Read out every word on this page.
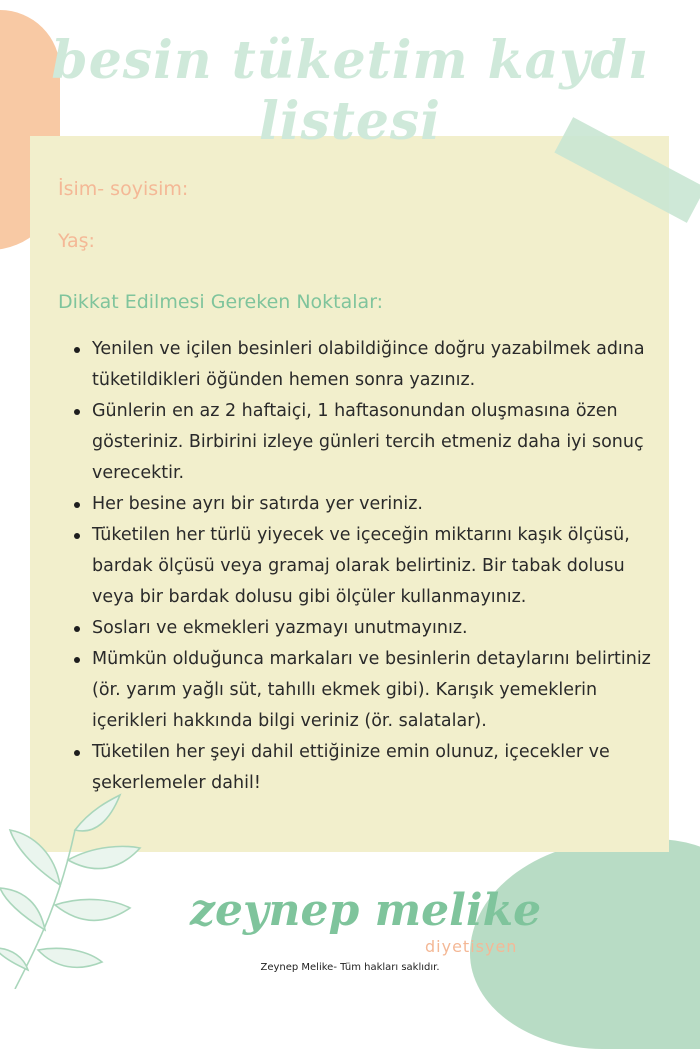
besin tüketim kaydı listesi
İsim- soyisim:
Yaş:
Dikkat Edilmesi Gereken Noktalar:
Yenilen ve içilen besinleri olabildiğince doğru yazabilmek adına tüketildikleri öğünden hemen sonra yazınız.
Günlerin en az 2 haftaiçi, 1 haftasonundan oluşmasına özen gösteriniz. Birbirini izleye günleri tercih etmeniz daha iyi sonuç verecektir.
Her besine ayrı bir satırda yer veriniz.
Tüketilen her türlü yiyecek ve içeceğin miktarını kaşık ölçüsü, bardak ölçüsü veya gramaj olarak belirtiniz. Bir tabak dolusu veya bir bardak dolusu gibi ölçüler kullanmayınız.
Sosları ve ekmekleri yazmayı unutmayınız.
Mümkün olduğunca markaları ve besinlerin detaylarını belirtiniz (ör. yarım yağlı süt, tahıllı ekmek gibi). Karışık yemeklerin içerikleri hakkında bilgi veriniz (ör. salatalar).
Tüketilen her şeyi dahil ettiğinize emin olunuz, içecekler ve şekerlemeler dahil!
zeynep melike
diyetisyen
Zeynep Melike- Tüm hakları saklıdır.
